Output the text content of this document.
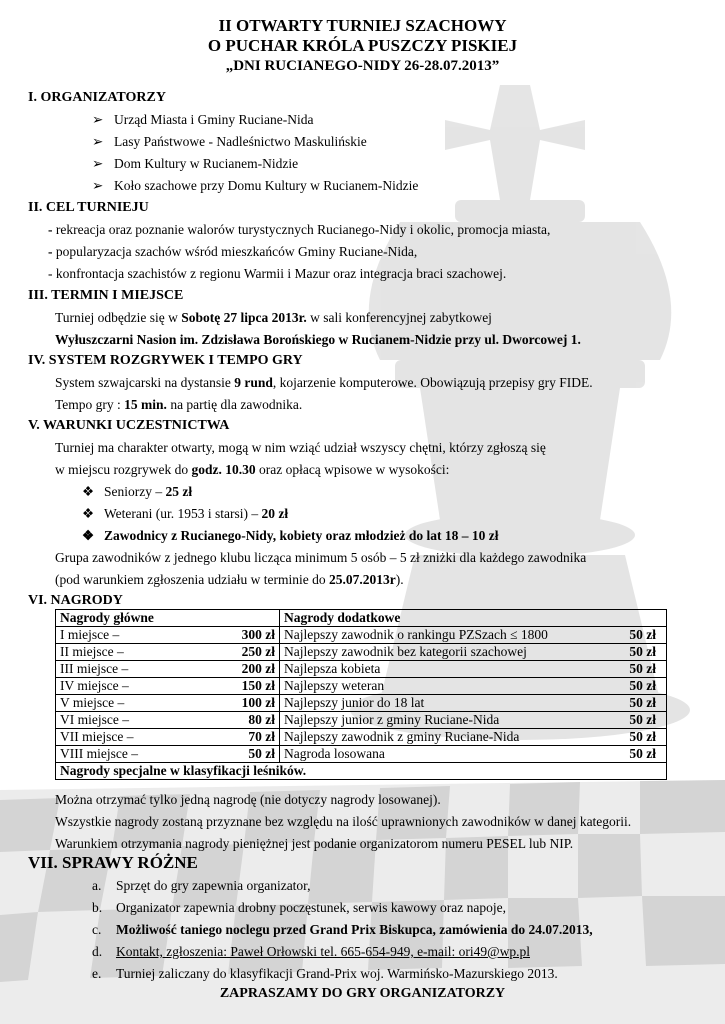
II OTWARTY TURNIEJ SZACHOWY
O PUCHAR KRÓLA PUSZCZY PISKIEJ
„DNI RUCIANEGO-NIDY 26-28.07.2013”
I. ORGANIZATORZY
➢ Urząd Miasta i Gminy Ruciane-Nida
➢ Lasy Państwowe - Nadleśnictwo Maskulińskie
➢ Dom Kultury w Rucianem-Nidzie
➢ Koło szachowe przy Domu Kultury w Rucianem-Nidzie
II. CEL TURNIEJU
- rekreacja oraz poznanie walorów turystycznych Rucianego-Nidy i okolic, promocja miasta,
- popularyzacja szachów wśród mieszkańców Gminy Ruciane-Nida,
- konfrontacja szachistów z regionu Warmii i Mazur oraz integracja braci szachowej.
III. TERMIN I MIEJSCE
Turniej odbędzie się w Sobotę 27 lipca 2013r. w sali konferencyjnej zabytkowej
Wyłuszczarni Nasion im. Zdzisława Borońskiego w Rucianem-Nidzie przy ul. Dworcowej 1.
IV. SYSTEM ROZGRYWEK I TEMPO GRY
System szwajcarski na dystansie 9 rund, kojarzenie komputerowe. Obowiązują przepisy gry FIDE.
Tempo gry : 15 min. na partię dla zawodnika.
V. WARUNKI UCZESTNICTWA
Turniej ma charakter otwarty, mogą w nim wziąć udział wszyscy chętni, którzy zgłoszą się
w miejscu rozgrywek do godz. 10.30 oraz opłacą wpisowe w wysokości:
❖ Seniorzy – 25 zł
❖ Weterani (ur. 1953 i starsi) – 20 zł
❖ Zawodnicy z Rucianego-Nidy, kobiety oraz młodzież do lat 18 – 10 zł
Grupa zawodników z jednego klubu licząca minimum 5 osób – 5 zł zniżki dla każdego zawodnika
(pod warunkiem zgłoszenia udziału w terminie do 25.07.2013r).
VI. NAGRODY
Nagrody główne	Nagrody dodatkowe
I miejsce – 300 zł	Najlepszy zawodnik o rankingu PZSzach ≤ 1800 50 zł

II miejsce – 250 zł	Najlepszy zawodnik bez kategorii szachowej 50 zł

III miejsce – 200 zł	Najlepsza kobieta 50 zł

IV miejsce – 150 zł	Najlepszy weteran 50 zł

V miejsce – 100 zł	Najlepszy junior do 18 lat 50 zł

VI miejsce – 80 zł	Najlepszy junior z gminy Ruciane-Nida 50 zł

VII miejsce – 70 zł	Najlepszy zawodnik z gminy Ruciane-Nida 50 zł

VIII miejsce – 50 zł	Nagroda losowana 50 zł

Nagrody specjalne w klasyfikacji leśników.	
Można otrzymać tylko jedną nagrodę (nie dotyczy nagrody losowanej).
Wszystkie nagrody zostaną przyznane bez względu na ilość uprawnionych zawodników w danej kategorii.
Warunkiem otrzymania nagrody pieniężnej jest podanie organizatorom numeru PESEL lub NIP.
VII. SPRAWY RÓŻNE
a. Sprzęt do gry zapewnia organizator,
b. Organizator zapewnia drobny poczęstunek, serwis kawowy oraz napoje,
c. Możliwość taniego noclegu przed Grand Prix Biskupca, zamówienia do 24.07.2013,
d. Kontakt, zgłoszenia: Paweł Orłowski tel. 665-654-949, e-mail: ori49@wp.pl
e. Turniej zaliczany do klasyfikacji Grand-Prix woj. Warmińsko-Mazurskiego 2013.
ZAPRASZAMY DO GRY ORGANIZATORZY
